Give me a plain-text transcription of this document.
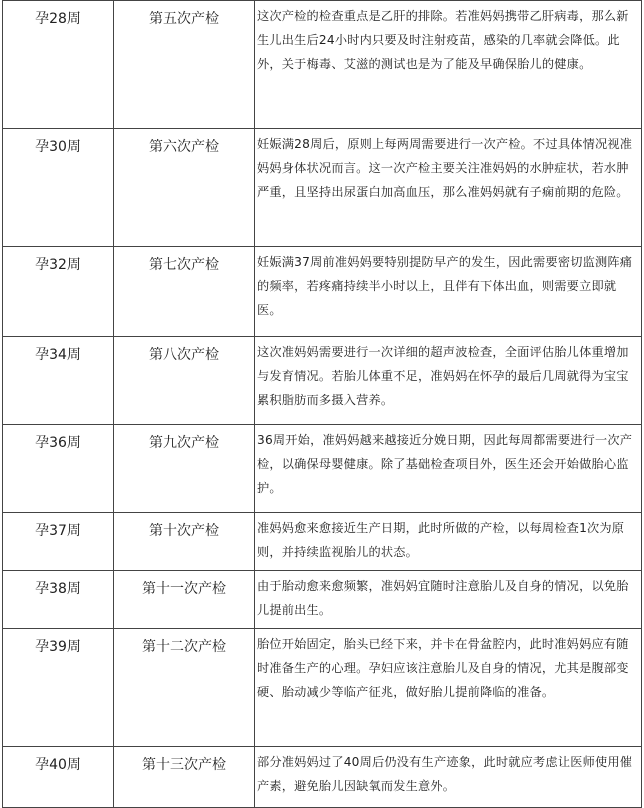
孕28周	第五次产检	这次产检的检查重点是乙肝的排除。若准妈妈携带乙肝病毒，那么新生儿出生后24小时内只要及时注射疫苗，感染的几率就会降低。此外，关于梅毒、艾滋的测试也是为了能及早确保胎儿的健康。
孕30周	第六次产检	妊娠满28周后，原则上每两周需要进行一次产检。不过具体情况视准妈妈身体状况而言。这一次产检主要关注准妈妈的水肿症状，若水肿严重，且坚持出尿蛋白加高血压，那么准妈妈就有子痫前期的危险。
孕32周	第七次产检	妊娠满37周前准妈妈要特别提防早产的发生，因此需要密切监测阵痛的频率，若疼痛持续半小时以上，且伴有下体出血，则需要立即就医。
孕34周	第八次产检	这次准妈妈需要进行一次详细的超声波检查，全面评估胎儿体重增加与发育情况。若胎儿体重不足，准妈妈在怀孕的最后几周就得为宝宝累积脂肪而多摄入营养。
孕36周	第九次产检	36周开始，准妈妈越来越接近分娩日期，因此每周都需要进行一次产检，以确保母婴健康。除了基础检查项目外，医生还会开始做胎心监护。
孕37周	第十次产检	准妈妈愈来愈接近生产日期，此时所做的产检，以每周检查1次为原则，并持续监视胎儿的状态。
孕38周	第十一次产检	由于胎动愈来愈频繁，准妈妈宜随时注意胎儿及自身的情况，以免胎儿提前出生。
孕39周	第十二次产检	胎位开始固定，胎头已经下来，并卡在骨盆腔内，此时准妈妈应有随时准备生产的心理。孕妇应该注意胎儿及自身的情况，尤其是腹部变硬、胎动减少等临产征兆，做好胎儿提前降临的准备。
孕40周	第十三次产检	部分准妈妈过了40周后仍没有生产迹象，此时就应考虑让医师使用催产素，避免胎儿因缺氧而发生意外。
